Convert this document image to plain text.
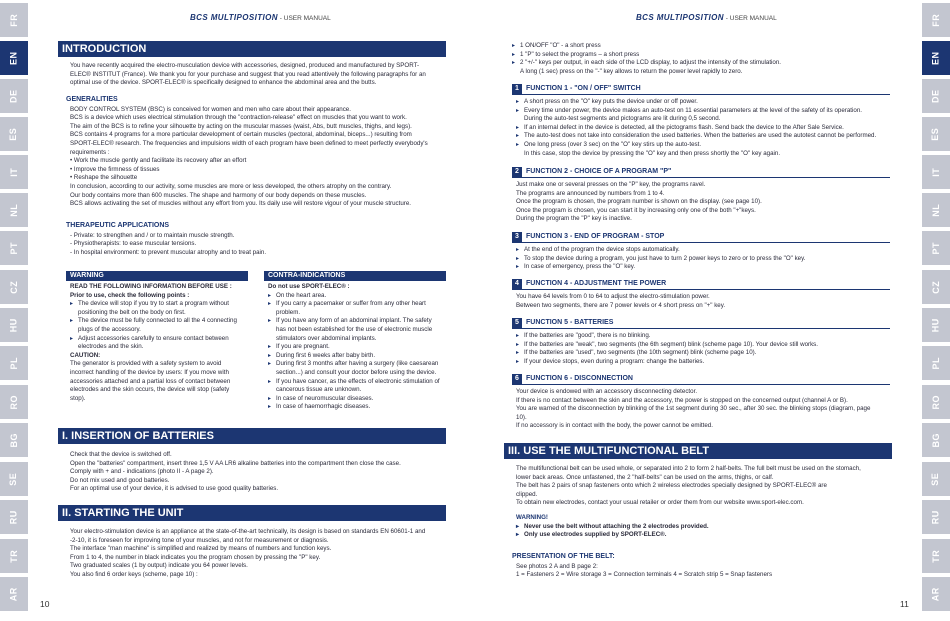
FR
EN
DE
ES
IT
NL
PT
CZ
HU
PL
RO
BG
SE
RU
TR
AR
FR
EN
DE
ES
IT
NL
PT
CZ
HU
PL
RO
BG
SE
RU
TR
AR
BCS MULTIPOSITION - USER MANUAL	BCS MULTIPOSITION - USER MANUAL
10	11
INTRODUCTION

You have recently acquired the electro-musculation device with accessories, designed, produced and manufactured by SPORT-

ELEC® INSTITUT (France). We thank you for your purchase and suggest that you read attentively the following paragraphs for an

optimal use of the device. SPORT-ELEC® is specifically designed to enhance the abdominal area and the butts.

GENERALITIES

BODY CONTROL SYSTEM (BSC) is conceived for women and men who care about their appearance.

BCS is a device which uses electrical stimulation through the "contraction-release" effect on muscles that you want to work.

The aim of the BCS is to refine your silhouette by acting on the muscular masses (waist, Abs, butt muscles, thighs, and legs).

BCS contains 4 programs for a more particular development of certain muscles (pectoral, abdominal, biceps...) resulting from

SPORT-ELEC® research. The frequencies and impulsions width of each program have been defined to meet perfectly everybody's

requirements :

• Work the muscle gently and facilitate its recovery after an effort

• Improve the firmness of tissues

• Reshape the silhouette

In conclusion, according to our activity, some muscles are more or less developed, the others atrophy on the contrary.

Our body contains more than 600 muscles. The shape and harmony of our body depends on these muscles.

BCS allows activating the set of muscles without any effort from you. Its daily use will restore vigour of your muscle structure.

THERAPEUTIC APPLICATIONS

- Private: to strengthen and / or to maintain muscle strength.

- Physiotherapists: to ease muscular tensions.

- In hospital environment: to prevent muscular atrophy and to treat pain.

WARNING
READ THE FOLLOWING INFORMATION BEFORE USE :
Prior to use, check the following points :
▸ The device will stop if you try to start a program without
positioning the belt on the body on first.
▸ The device must be fully connected to all the 4 connecting
plugs of the accessory.
▸ Adjust accessories carefully to ensure contact between
electrodes and the skin.
CAUTION:

The generator is provided with a safety system to avoid

incorrect handling of the device by users: If you move with

accessories attached and a partial loss of contact between

electrodes and the skin occurs, the device will stop (safety

stop).

CONTRA-INDICATIONS
Do not use SPORT-ELEC® :
▸ On the heart area.
▸ If you carry a pacemaker or suffer from any other heart
problem.
▸ If you have any form of an abdominal implant. The safety
has not been established for the use of electronic muscle
stimulators over abdominal implants.
▸ If you are pregnant.
▸ During first 6 weeks after baby birth.
▸ During first 3 months after having a surgery (like caesarean
section...) and consult your doctor before using the device.
▸ If you have cancer, as the effects of electronic stimulation of
cancerous tissue are unknown.
▸ In case of neuromuscular diseases.
▸ In case of haemorrhagic diseases.
I. INSERTION OF BATTERIES

Check that the device is switched off.

Open the "batteries" compartment, insert three 1,5 V AA LR6 alkaline batteries into the compartment then close the case.

Comply with + and - indications (photo II - A page 2).

Do not mix used and good batteries.

For an optimal use of your device, it is advised to use good quality batteries.

II. STARTING THE UNIT

Your electro-stimulation device is an appliance at the state-of-the-art technically, its design is based on standards EN 60601-1 and

-2-10, it is foreseen for improving tone of your muscles, and not for measurement or diagnosis.

The interface "man machine" is simplified and realized by means of numbers and function keys.

From 1 to 4, the number in black indicates you the program chosen by pressing the "P" key.

Two graduated scales (1 by output) indicate you 64 power levels.

You also find 6 order keys (scheme, page 10) :

▸ 1 ON/OFF "O" - a short press
▸ 1 "P" to select the programs – a short press
▸ 2 "+/-" keys per output, in each side of the LCD display, to adjust the intensity of the stimulation.
A long (1 sec) press on the "-" key allows to return the power level rapidly to zero.
1 FUNCTION 1 - "ON / OFF" SWITCH
▸ A short press on the "O" key puts the device under or off power.
▸ Every time under power, the device makes an auto-test on 11 essential parameters at the level of the safety of its operation.
During the auto-test segments and pictograms are lit during 0,5 second.
▸ If an internal defect in the device is detected, all the pictograms flash. Send back the device to the After Sale Service.
▸ The auto-test does not take into consideration the used batteries. When the batteries are used the autotest cannot be performed.
▸ One long press (over 3 sec) on the "O" key stirs up the auto-test.
In this case, stop the device by pressing the "O" key and then press shortly the "O" key again.
2 FUNCTION 2 - CHOICE OF A PROGRAM "P"

Just make one or several presses on the "P" key, the programs ravel.

The programs are announced by numbers from 1 to 4.

Once the program is chosen, the program number is shown on the display. (see page 10).

Once the program is chosen, you can start it by increasing only one of the both "+"keys.

During the program the "P" key is inactive.

3 FUNCTION 3 - END OF PROGRAM - STOP
▸ At the end of the program the device stops automatically.
▸ To stop the device during a program, you just have to turn 2 power keys to zero or to press the "O" key.
▸ In case of emergency, press the "O" key.
4 FUNCTION 4 - ADJUSTMENT THE POWER

You have 64 levels from 0 to 64 to adjust the electro-stimulation power.

Between two segments, there are 7 power levels or 4 short press on "+" key.

5 FUNCTION 5 - BATTERIES
▸ If the batteries are "good", there is no blinking.
▸ If the batteries are "weak", two segments (the 6th segment) blink (scheme page 10). Your device still works.
▸ If the batteries are "used", two segments (the 10th segment) blink (scheme page 10).
▸ If your device stops, even during a program: change the batteries.
6 FUNCTION 6 - DISCONNECTION

Your device is endowed with an accessory disconnecting detector.

If there is no contact between the skin and the accessory, the power is stopped on the concerned output (channel A or B).

You are warned of the disconnection by blinking of the 1st segment during 30 sec., after 30 sec. the blinking stops (diagram, page

10).

If no accessory is in contact with the body, the power cannot be emitted.

III. USE THE MULTIFUNCTIONAL BELT

The multifunctional belt can be used whole, or separated into 2 to form 2 half-belts. The full belt must be used on the stomach,

lower back areas. Once unfastened, the 2 "half-belts" can be used on the arms, thighs, or calf.

The belt has 2 pairs of snap fasteners onto which 2 wireless electrodes specially designed by SPORT-ELEC® are

clipped.

To obtain new electrodes, contact your usual retailer or order them from our website www.sport-elec.com.

WARNING!
▸ Never use the belt without attaching the 2 electrodes provided.
▸ Only use electrodes supplied by SPORT-ELEC®.
PRESENTATION OF THE BELT:

See photos 2 A and B page 2:

1 = Fasteners 2 = Wire storage 3 = Connection terminals 4 = Scratch strip 5 = Snap fasteners
